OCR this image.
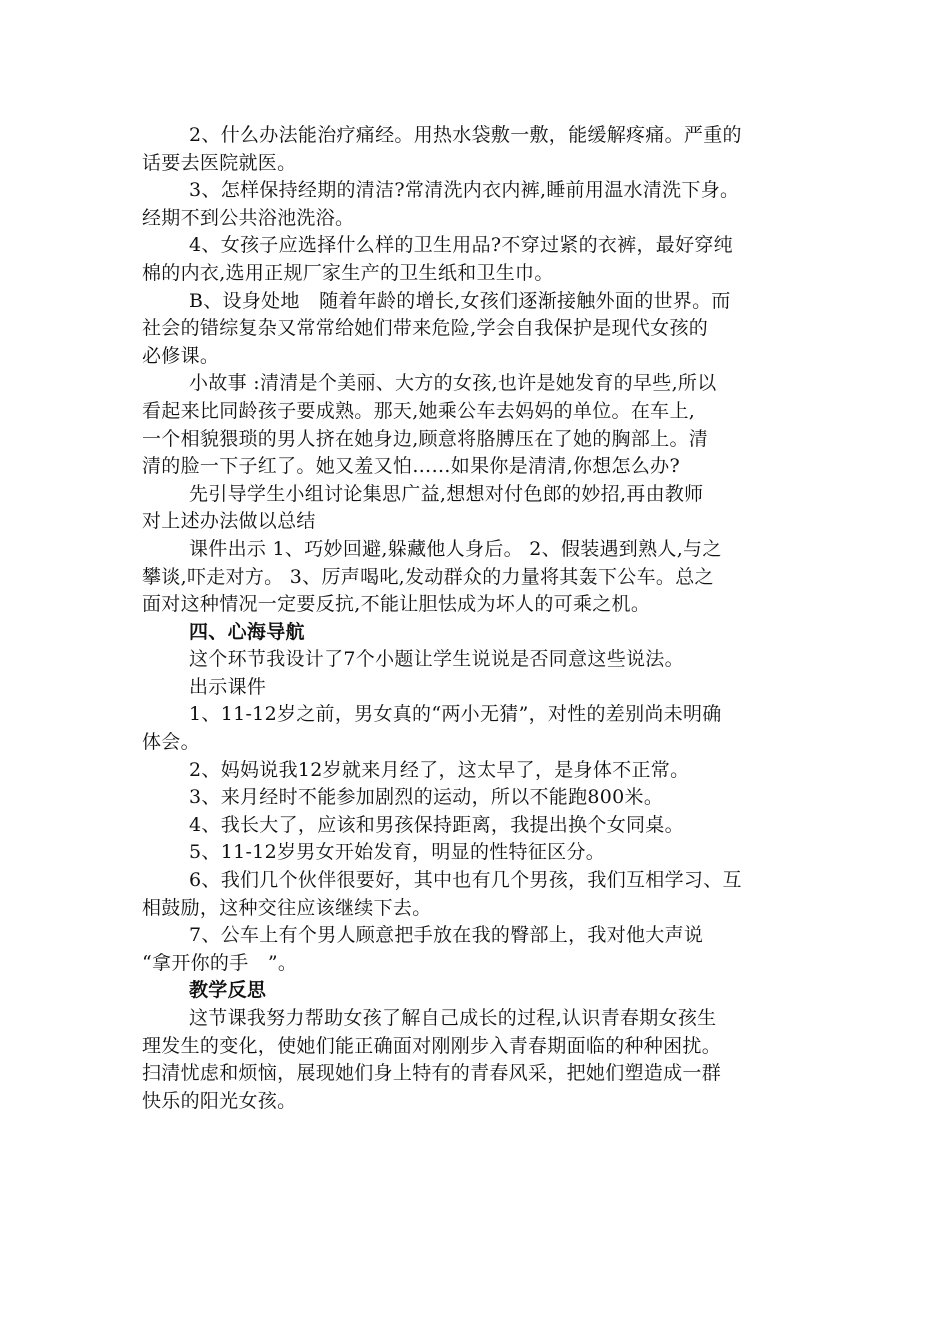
2、什么办法能治疗痛经。用热水袋敷一敷，能缓解疼痛。严重的
话要去医院就医。
3、怎样保持经期的清洁?常清洗内衣内裤,睡前用温水清洗下身。
经期不到公共浴池洗浴。
4、女孩子应选择什么样的卫生用品?不穿过紧的衣裤，最好穿纯
棉的内衣,选用正规厂家生产的卫生纸和卫生巾。
B、设身处地　随着年龄的增长,女孩们逐渐接触外面的世界。而
社会的错综复杂又常常给她们带来危险,学会自我保护是现代女孩的
必修课。
小故事 :清清是个美丽、大方的女孩,也许是她发育的早些,所以
看起来比同龄孩子要成熟。那天,她乘公车去妈妈的单位。在车上,
一个相貌猥琐的男人挤在她身边,顾意将胳膊压在了她的胸部上。清
清的脸一下子红了。她又羞又怕……如果你是清清,你想怎么办?
先引导学生小组讨论集思广益,想想对付色郎的妙招,再由教师
对上述办法做以总结
课件出示 1、巧妙回避,躲藏他人身后。 2、假装遇到熟人,与之
攀谈,吓走对方。 3、厉声喝叱,发动群众的力量将其轰下公车。总之
面对这种情况一定要反抗,不能让胆怯成为坏人的可乘之机。
四、心海导航
这个环节我设计了7个小题让学生说说是否同意这些说法。
出示课件
1、11-12岁之前，男女真的“两小无猜”，对性的差别尚未明确
体会。
2、妈妈说我12岁就来月经了，这太早了，是身体不正常。
3、来月经时不能参加剧烈的运动，所以不能跑800米。
4、我长大了，应该和男孩保持距离，我提出换个女同桌。
5、11-12岁男女开始发育，明显的性特征区分。
6、我们几个伙伴很要好，其中也有几个男孩，我们互相学习、互
相鼓励，这种交往应该继续下去。
7、公车上有个男人顾意把手放在我的臀部上，我对他大声说
“拿开你的手　”。
教学反思
这节课我努力帮助女孩了解自己成长的过程,认识青春期女孩生
理发生的变化，使她们能正确面对刚刚步入青春期面临的种种困扰。
扫清忧虑和烦恼，展现她们身上特有的青春风采，把她们塑造成一群
快乐的阳光女孩。
